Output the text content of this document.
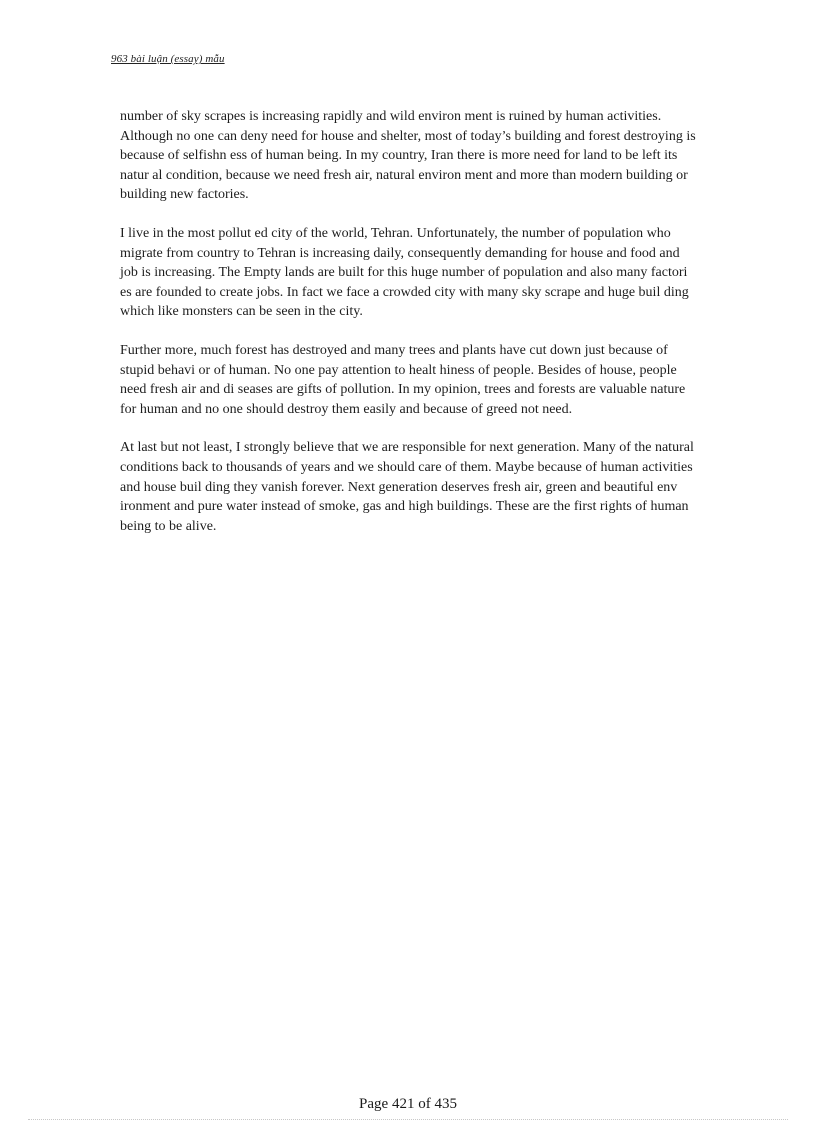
963 bài luận (essay) mẫu

number of sky scrapes is increasing rapidly and wild environ ment is ruined by human activities. Although no one can deny need for house and shelter, most of today’s building and forest destroying is because of selfishn ess of human being. In my country, Iran there is more need for land to be left its natur al condition, because we need fresh air, natural environ ment and more than modern building or building new factories.

I live in the most pollut ed city of the world, Tehran. Unfortunately, the number of population who migrate from country to Tehran is increasing daily, consequently demanding for house and food and job is increasing. The Empty lands are built for this huge number of population and also many factori es are founded to create jobs. In fact we face a crowded city with many sky scrape and huge buil ding which like monsters can be seen in the city.

Further more, much forest has destroyed and many trees and plants have cut down just because of stupid behavi or of human. No one pay attention to healt hiness of people. Besides of house, people need fresh air and di seases are gifts of pollution. In my opinion, trees and forests are valuable nature for human and no one should destroy them easily and because of greed not need.

At last but not least, I strongly believe that we are responsible for next generation. Many of the natural conditions back to thousands of years and we should care of them. Maybe because of human activities and house buil ding they vanish forever. Next generation deserves fresh air, green and beautiful env ironment and pure water instead of smoke, gas and high buildings. These are the first rights of human being to be alive.

Page 421 of 435
